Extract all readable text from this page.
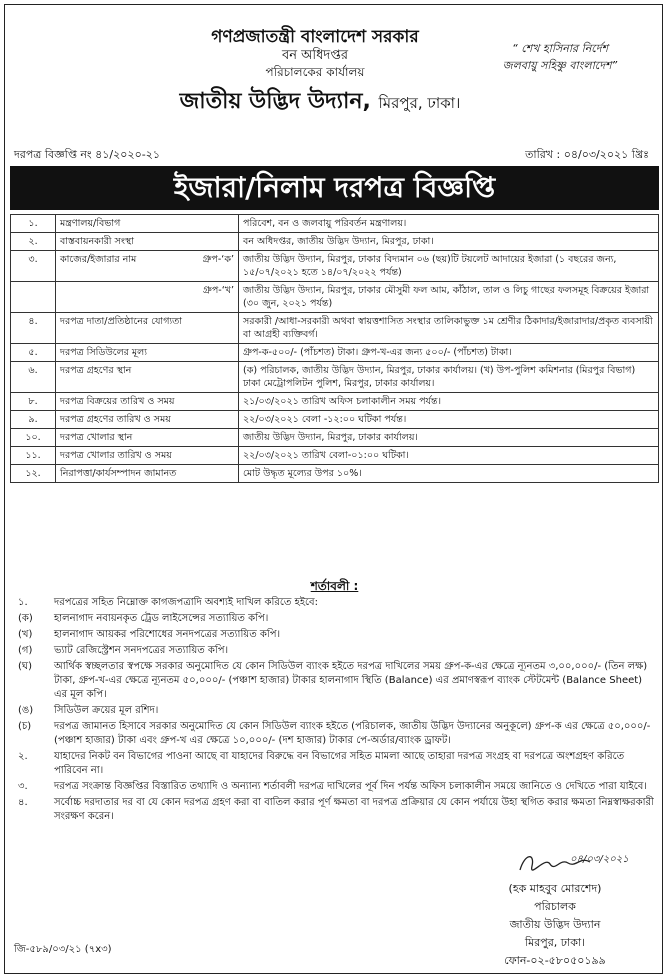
গণপ্রজাতন্ত্রী বাংলাদেশ সরকার
বন অধিদপ্তর
পরিচালকের কার্যালয়
জাতীয় উদ্ভিদ উদ্যান, মিরপুর, ঢাকা।
“ শেখ হাসিনার নির্দেশ
জলবায়ু সহিষ্ণু বাংলাদেশ”
দরপত্র বিজ্ঞপ্তি নং ৪১/২০২০-২১	তারিখ : ০৪/০৩/২০২১ খ্রিঃ
ইজারা/নিলাম দরপত্র বিজ্ঞপ্তি
১.	মন্ত্রণালয়/বিভাগ	পরিবেশ, বন ও জলবায়ু পরিবর্তন মন্ত্রণালয়।
২.	বাস্তবায়নকারী সংস্থা	বন অধিদপ্তর, জাতীয় উদ্ভিদ উদ্যান, মিরপুর, ঢাকা।
৩.	কাজের/ইজারার নাম গ্রুপ-‘ক’	জাতীয় উদ্ভিদ উদ্যান, মিরপুর, ঢাকার বিদ্যমান ০৬ (ছয়)টি টয়লেট আদায়ের ইজারা (১ বছরের জন্য, ১৫/০৭/২০২১ হতে ১৪/০৭/২০২২ পর্যন্ত)

	গ্রুপ-‘খ’	জাতীয় উদ্ভিদ উদ্যান, মিরপুর, ঢাকার মৌসুমী ফল আম, কাঁঠাল, তাল ও লিচু গাছের ফলসমূহ বিক্রয়ের ইজারা (৩০ জুন, ২০২১ পর্যন্ত)
৪.	দরপত্র দাতা/প্রতিষ্ঠানের যোগ্যতা	সরকারী /আধা-সরকারী অথবা স্বায়ত্তশাসিত সংস্থার তালিকাভুক্ত ১ম শ্রেণীর ঠিকাদার/ইজারাদার/প্রকৃত ব্যবসায়ী বা আগ্রহী ব্যক্তিবর্গ।
৫.	দরপত্র সিডিউলের মূল্য	গ্রুপ-ক-৫০০/- (পাঁচশত) টাকা। গ্রুপ-খ-এর জন্য ৫০০/- (পাঁচশত) টাকা।
৬.	দরপত্র গ্রহণের স্থান	(ক) পরিচালক, জাতীয় উদ্ভিদ উদ্যান, মিরপুর, ঢাকার কার্যালয়। (খ) উপ-পুলিশ কমিশনার (মিরপুর বিভাগ) ঢাকা মেট্রোপলিটন পুলিশ, মিরপুর, ঢাকার কার্যালয়।
৮.	দরপত্র বিক্রয়ের তারিখ ও সময়	২১/০৩/২০২১ তারিখ অফিস চলাকালীন সময় পর্যন্ত।
৯.	দরপত্র গ্রহণের তারিখ ও সময়	২২/০৩/২০২১ বেলা -১২:০০ ঘটিকা পর্যন্ত।
১০.	দরপত্র খোলার স্থান	জাতীয় উদ্ভিদ উদ্যান, মিরপুর, ঢাকার কার্যালয়।
১১.	দরপত্র খোলার তারিখ ও সময়	২২/০৩/২০২১ তারিখ বেলা-০১:০০ ঘটিকা।
১২.	নিরাপত্তা/কার্যসম্পাদন জামানত	মোট উদ্ধৃত মূল্যের উপর ১০%।
শর্তাবলী :
১.	দরপত্রের সহিত নিম্নোক্ত কাগজপত্রাদি অবশ্যই দাখিল করিতে হইবে:
(ক) হালনাগাদ নবায়নকৃত ট্রেড লাইসেন্সের সত্যায়িত কপি।
(খ) হালনাগাদ আয়কর পরিশোধের সনদপত্রের সত্যায়িত কপি।
(গ) ভ্যাট রেজিস্ট্রেশন সনদপত্রের সত্যায়িত কপি।
(ঘ) আর্থিক স্বচ্ছলতার স্বপক্ষে সরকার অনুমোদিত যে কোন সিডিউল ব্যাংক হইতে দরপত্র দাখিলের সময় গ্রুপ-ক-এর ক্ষেত্রে ন্যূনতম ৩,০০,০০০/- (তিন লক্ষ) টাকা, গ্রুপ-খ-এর ক্ষেত্রে ন্যূনতম ৫০,০০০/- (পঞ্চাশ হাজার) টাকার হালনাগাদ স্থিতি (Balance) এর প্রমাণস্বরূপ ব্যাংক স্টেটমেন্ট (Balance Sheet) এর মূল কপি।
(ঙ) সিডিউল ক্রয়ের মূল রশিদ।
(চ) দরপত্র জামানত হিসাবে সরকার অনুমোদিত যে কোন সিডিউল ব্যাংক হইতে (পরিচালক, জাতীয় উদ্ভিদ উদ্যানের অনুকূলে) গ্রুপ-ক এর ক্ষেত্রে ৫০,০০০/- (পঞ্চাশ হাজার) টাকা এবং গ্রুপ-খ এর ক্ষেত্রে ১০,০০০/- (দশ হাজার) টাকার পে-অর্ডার/ব্যাংক ড্রাফট।
২.	যাহাদের নিকট বন বিভাগের পাওনা আছে বা যাহাদের বিরুদ্ধে বন বিভাগের সহিত মামলা আছে তাহারা দরপত্র সংগ্রহ বা দরপত্রে অংশগ্রহণ করিতে পারিবেন না।
৩.	দরপত্র সংক্রান্ত বিজ্ঞপ্তির বিস্তারিত তথ্যাদি ও অন্যান্য শর্তাবলী দরপত্র দাখিলের পূর্ব দিন পর্যন্ত অফিস চলাকালীন সময়ে জানিতে ও দেখিতে পারা যাইবে।
৪.	সর্বোচ্চ দরদাতার দর বা যে কোন দরপত্র গ্রহণ করা বা বাতিল করার পূর্ণ ক্ষমতা বা দরপত্র প্রক্রিয়ার যে কোন পর্যায়ে উহা স্থগিত করার ক্ষমতা নিম্নস্বাক্ষরকারী সংরক্ষণ করেন।
০৪/০৩/২০২১
(হক মাহবুব মোরশেদ)
পরিচালক
জাতীয় উদ্ভিদ উদ্যান
মিরপুর, ঢাকা।
ফোন-০২-৫৮০৫০১৯৯
জি-৫৮৯/০৩/২১ (৭x৩)
